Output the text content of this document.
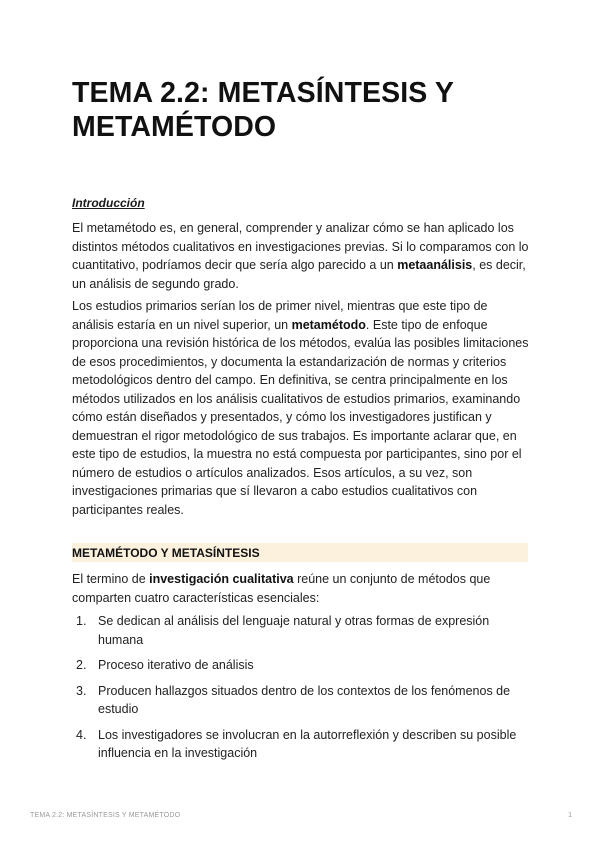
TEMA 2.2: METASÍNTESIS Y METAMÉTODO

Introducción

El metamétodo es, en general, comprender y analizar cómo se han aplicado los distintos métodos cualitativos en investigaciones previas. Si lo comparamos con lo cuantitativo, podríamos decir que sería algo parecido a un metaanálisis, es decir, un análisis de segundo grado.

Los estudios primarios serían los de primer nivel, mientras que este tipo de análisis estaría en un nivel superior, un metamétodo. Este tipo de enfoque proporciona una revisión histórica de los métodos, evalúa las posibles limitaciones de esos procedimientos, y documenta la estandarización de normas y criterios metodológicos dentro del campo. En definitiva, se centra principalmente en los métodos utilizados en los análisis cualitativos de estudios primarios, examinando cómo están diseñados y presentados, y cómo los investigadores justifican y demuestran el rigor metodológico de sus trabajos. Es importante aclarar que, en este tipo de estudios, la muestra no está compuesta por participantes, sino por el número de estudios o artículos analizados. Esos artículos, a su vez, son investigaciones primarias que sí llevaron a cabo estudios cualitativos con participantes reales.

METAMÉTODO Y METASÍNTESIS

El termino de investigación cualitativa reúne un conjunto de métodos que comparten cuatro características esenciales:

1. Se dedican al análisis del lenguaje natural y otras formas de expresión humana
2. Proceso iterativo de análisis
3. Producen hallazgos situados dentro de los contextos de los fenómenos de estudio
4. Los investigadores se involucran en la autorreflexión y describen su posible influencia en la investigación

TEMA 2.2: METASÍNTESIS Y METAMÉTODO	1
